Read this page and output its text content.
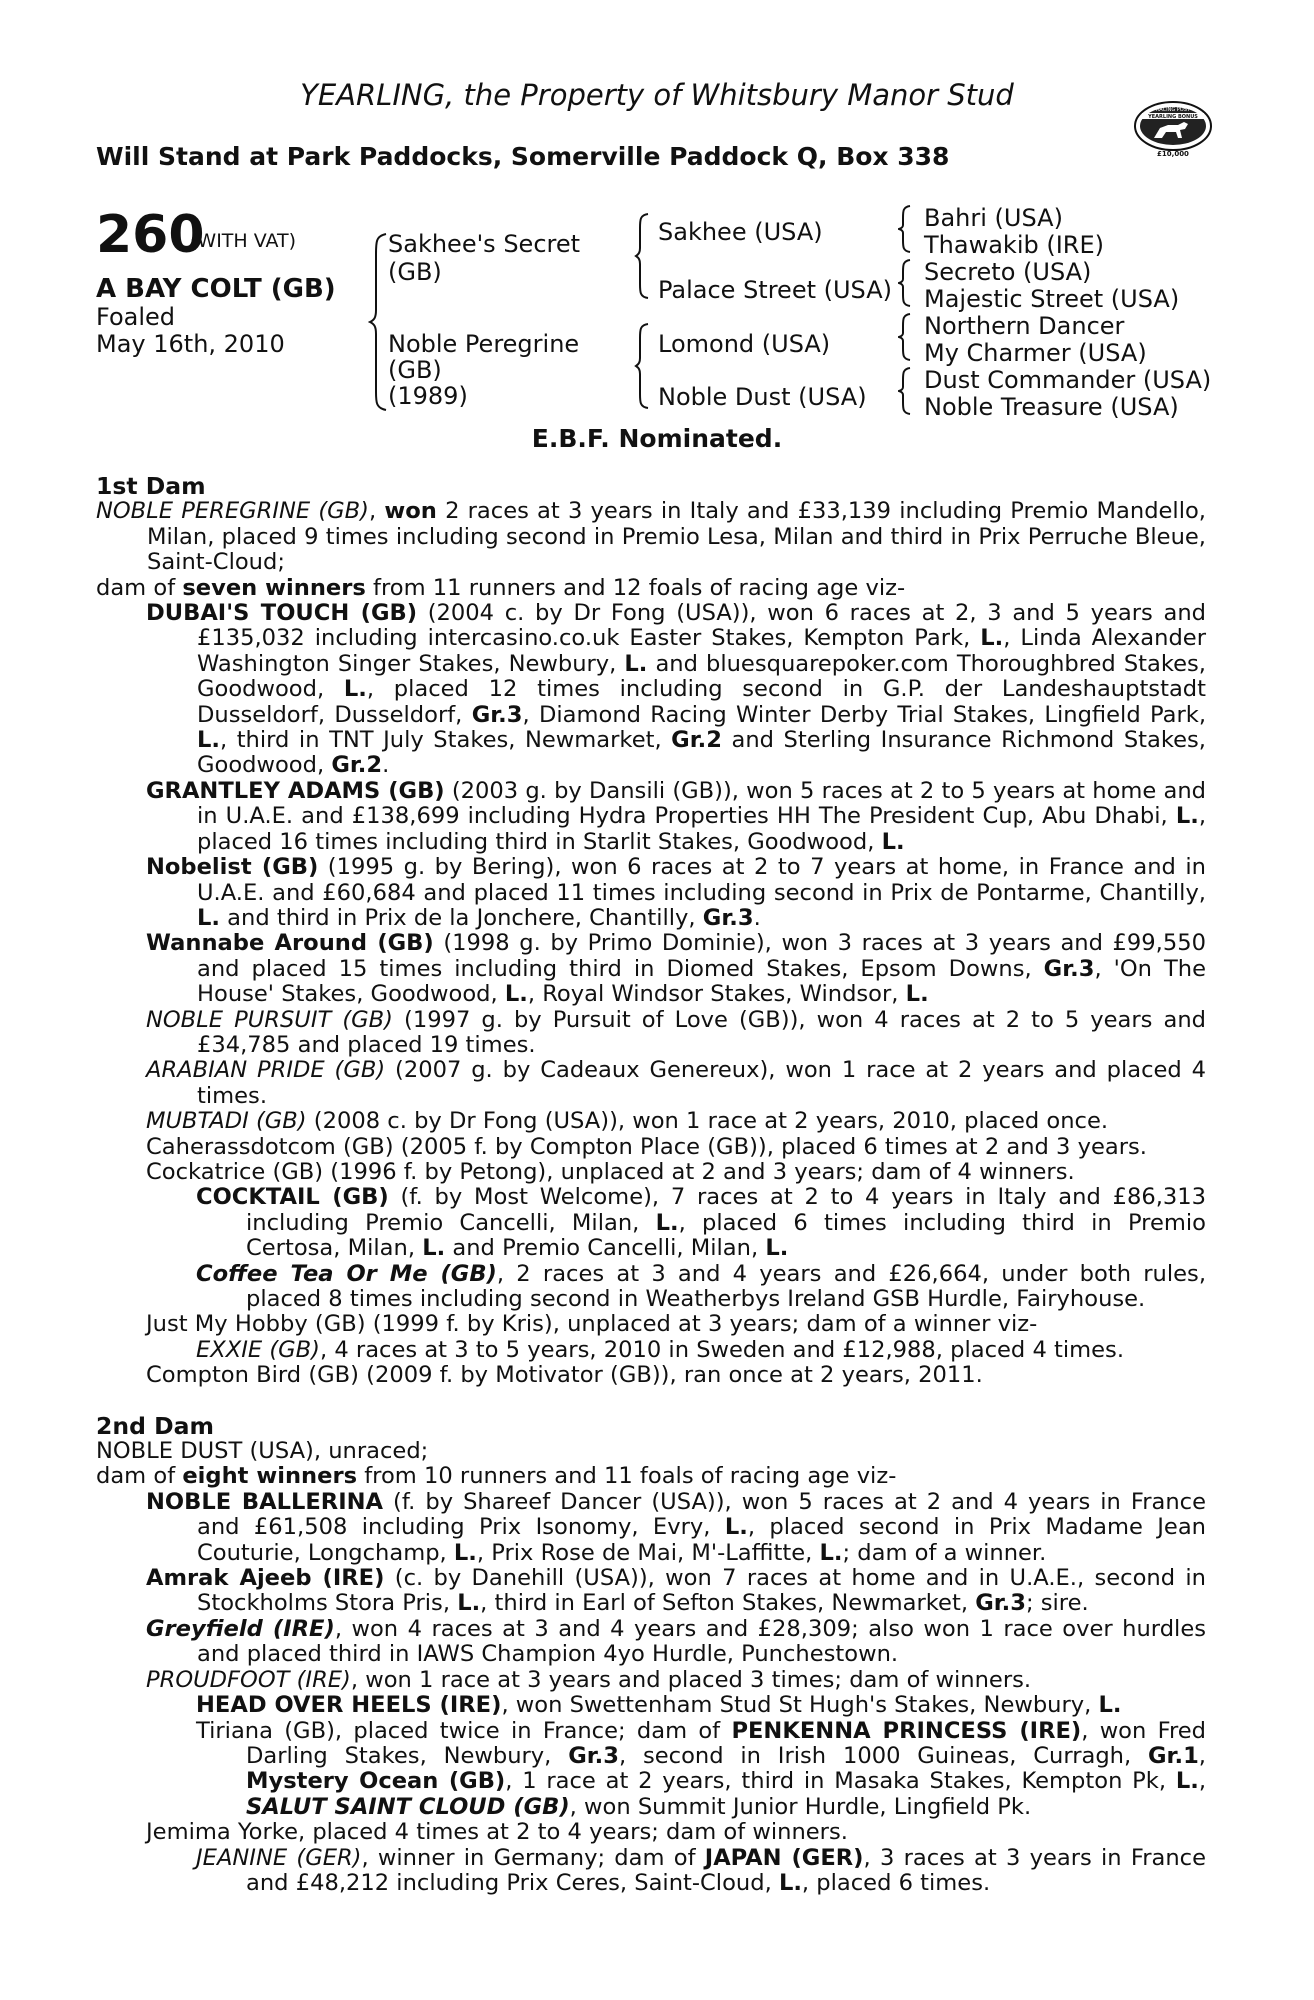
YEARLING, the Property of Whitsbury Manor Stud
Will Stand at Park Paddocks, Somerville Paddock Q, Box 338
RACING POST
YEARLING BONUS
£10,000
260
(WITH VAT)
A BAY COLT (GB)
Foaled
May 16th, 2010
Sakhee's Secret
(GB)
Noble Peregrine
(GB)
(1989)
Sakhee (USA)
Palace Street (USA)
Lomond (USA)
Noble Dust (USA)
Bahri (USA)
Thawakib (IRE)
Secreto (USA)
Majestic Street (USA)
Northern Dancer
My Charmer (USA)
Dust Commander (USA)
Noble Treasure (USA)
E.B.F. Nominated.

1st Dam

NOBLE PEREGRINE (GB), won 2 races at 3 years in Italy and £33,139 including Premio Mandello, Milan, placed 9 times including second in Premio Lesa, Milan and third in Prix Perruche Bleue, Saint-Cloud;

dam of seven winners from 11 runners and 12 foals of racing age viz-

DUBAI'S TOUCH (GB) (2004 c. by Dr Fong (USA)), won 6 races at 2, 3 and 5 years and £135,032 including intercasino.co.uk Easter Stakes, Kempton Park, L., Linda Alexander Washington Singer Stakes, Newbury, L. and bluesquarepoker.com Thoroughbred Stakes, Goodwood, L., placed 12 times including second in G.P. der Landeshauptstadt Dusseldorf, Dusseldorf, Gr.3, Diamond Racing Winter Derby Trial Stakes, Lingfield Park, L., third in TNT July Stakes, Newmarket, Gr.2 and Sterling Insurance Richmond Stakes, Goodwood, Gr.2.

GRANTLEY ADAMS (GB) (2003 g. by Dansili (GB)), won 5 races at 2 to 5 years at home and in U.A.E. and £138,699 including Hydra Properties HH The President Cup, Abu Dhabi, L., placed 16 times including third in Starlit Stakes, Goodwood, L.

Nobelist (GB) (1995 g. by Bering), won 6 races at 2 to 7 years at home, in France and in U.A.E. and £60,684 and placed 11 times including second in Prix de Pontarme, Chantilly, L. and third in Prix de la Jonchere, Chantilly, Gr.3.

Wannabe Around (GB) (1998 g. by Primo Dominie), won 3 races at 3 years and £99,550 and placed 15 times including third in Diomed Stakes, Epsom Downs, Gr.3, 'On The House' Stakes, Goodwood, L., Royal Windsor Stakes, Windsor, L.

NOBLE PURSUIT (GB) (1997 g. by Pursuit of Love (GB)), won 4 races at 2 to 5 years and £34,785 and placed 19 times.

ARABIAN PRIDE (GB) (2007 g. by Cadeaux Genereux), won 1 race at 2 years and placed 4 times.

MUBTADI (GB) (2008 c. by Dr Fong (USA)), won 1 race at 2 years, 2010, placed once.

Caherassdotcom (GB) (2005 f. by Compton Place (GB)), placed 6 times at 2 and 3 years.

Cockatrice (GB) (1996 f. by Petong), unplaced at 2 and 3 years; dam of 4 winners.

COCKTAIL (GB) (f. by Most Welcome), 7 races at 2 to 4 years in Italy and £86,313 including Premio Cancelli, Milan, L., placed 6 times including third in Premio Certosa, Milan, L. and Premio Cancelli, Milan, L.

Coffee Tea Or Me (GB), 2 races at 3 and 4 years and £26,664, under both rules, placed 8 times including second in Weatherbys Ireland GSB Hurdle, Fairyhouse.

Just My Hobby (GB) (1999 f. by Kris), unplaced at 3 years; dam of a winner viz-

EXXIE (GB), 4 races at 3 to 5 years, 2010 in Sweden and £12,988, placed 4 times.

Compton Bird (GB) (2009 f. by Motivator (GB)), ran once at 2 years, 2011.

2nd Dam

NOBLE DUST (USA), unraced;

dam of eight winners from 10 runners and 11 foals of racing age viz-

NOBLE BALLERINA (f. by Shareef Dancer (USA)), won 5 races at 2 and 4 years in France and £61,508 including Prix Isonomy, Evry, L., placed second in Prix Madame Jean Couturie, Longchamp, L., Prix Rose de Mai, M'-Laffitte, L.; dam of a winner.

Amrak Ajeeb (IRE) (c. by Danehill (USA)), won 7 races at home and in U.A.E., second in Stockholms Stora Pris, L., third in Earl of Sefton Stakes, Newmarket, Gr.3; sire.

Greyfield (IRE), won 4 races at 3 and 4 years and £28,309; also won 1 race over hurdles and placed third in IAWS Champion 4yo Hurdle, Punchestown.

PROUDFOOT (IRE), won 1 race at 3 years and placed 3 times; dam of winners.

HEAD OVER HEELS (IRE), won Swettenham Stud St Hugh's Stakes, Newbury, L.

Tiriana (GB), placed twice in France; dam of PENKENNA PRINCESS (IRE), won Fred Darling Stakes, Newbury, Gr.3, second in Irish 1000 Guineas, Curragh, Gr.1, Mystery Ocean (GB), 1 race at 2 years, third in Masaka Stakes, Kempton Pk, L., SALUT SAINT CLOUD (GB), won Summit Junior Hurdle, Lingfield Pk.

Jemima Yorke, placed 4 times at 2 to 4 years; dam of winners.

JEANINE (GER), winner in Germany; dam of JAPAN (GER), 3 races at 3 years in France and £48,212 including Prix Ceres, Saint-Cloud, L., placed 6 times.
